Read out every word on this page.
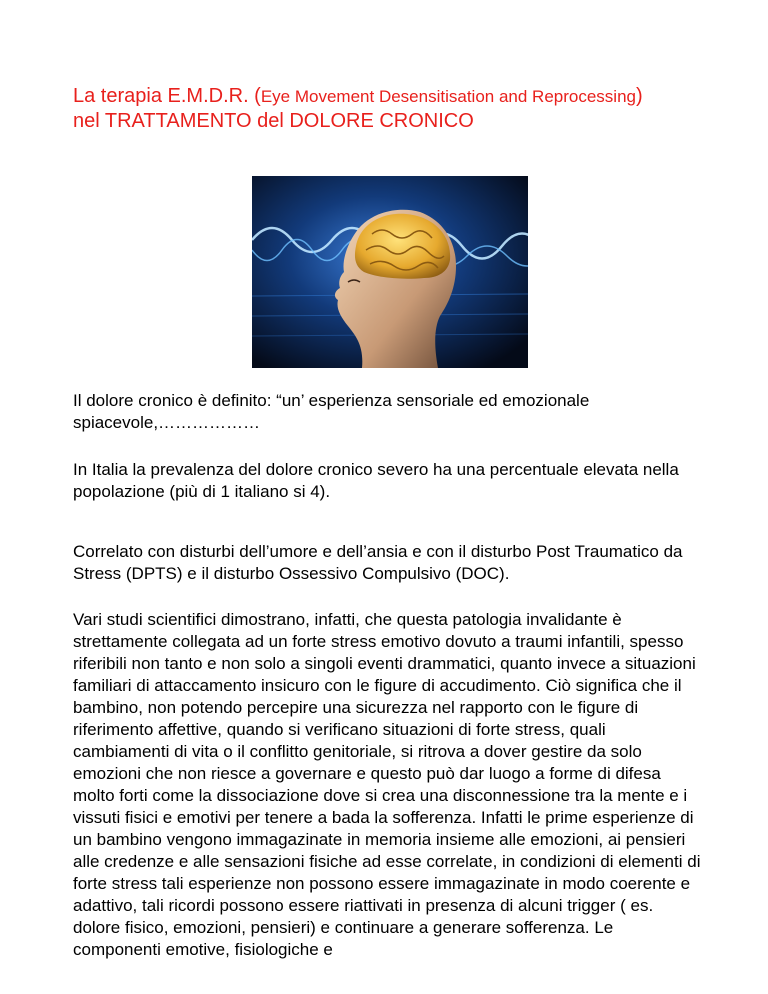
La terapia E.M.D.R. (Eye Movement Desensitisation and Reprocessing)
nel TRATTAMENTO del DOLORE CRONICO

Il dolore cronico è definito: “un’ esperienza sensoriale ed emozionale spiacevole,………………

In Italia la prevalenza del dolore cronico severo ha una percentuale elevata nella popolazione (più di 1 italiano si 4).

Correlato con disturbi dell’umore e dell’ansia e con il disturbo Post Traumatico da Stress (DPTS) e il disturbo Ossessivo Compulsivo (DOC).

Vari studi scientifici dimostrano, infatti, che questa patologia invalidante è strettamente collegata ad un forte stress emotivo dovuto a traumi infantili, spesso riferibili non tanto e non solo a singoli eventi drammatici, quanto invece a situazioni familiari di attaccamento insicuro con le figure di accudimento. Ciò significa che il bambino, non potendo percepire una sicurezza nel rapporto con le figure di riferimento affettive, quando si verificano situazioni di forte stress, quali cambiamenti di vita o il conflitto genitoriale, si ritrova a dover gestire da solo emozioni che non riesce a governare e questo può dar luogo a forme di difesa molto forti come la dissociazione dove si crea una disconnessione tra la mente e i vissuti fisici e emotivi per tenere a bada la sofferenza. Infatti le prime esperienze di un bambino vengono immagazinate in memoria insieme alle emozioni, ai pensieri alle credenze e alle sensazioni fisiche ad esse correlate, in condizioni di elementi di forte stress tali esperienze non possono essere immagazinate in modo coerente e adattivo, tali ricordi possono essere riattivati in presenza di alcuni trigger ( es. dolore fisico, emozioni, pensieri) e continuare a generare sofferenza. Le componenti emotive, fisiologiche e
